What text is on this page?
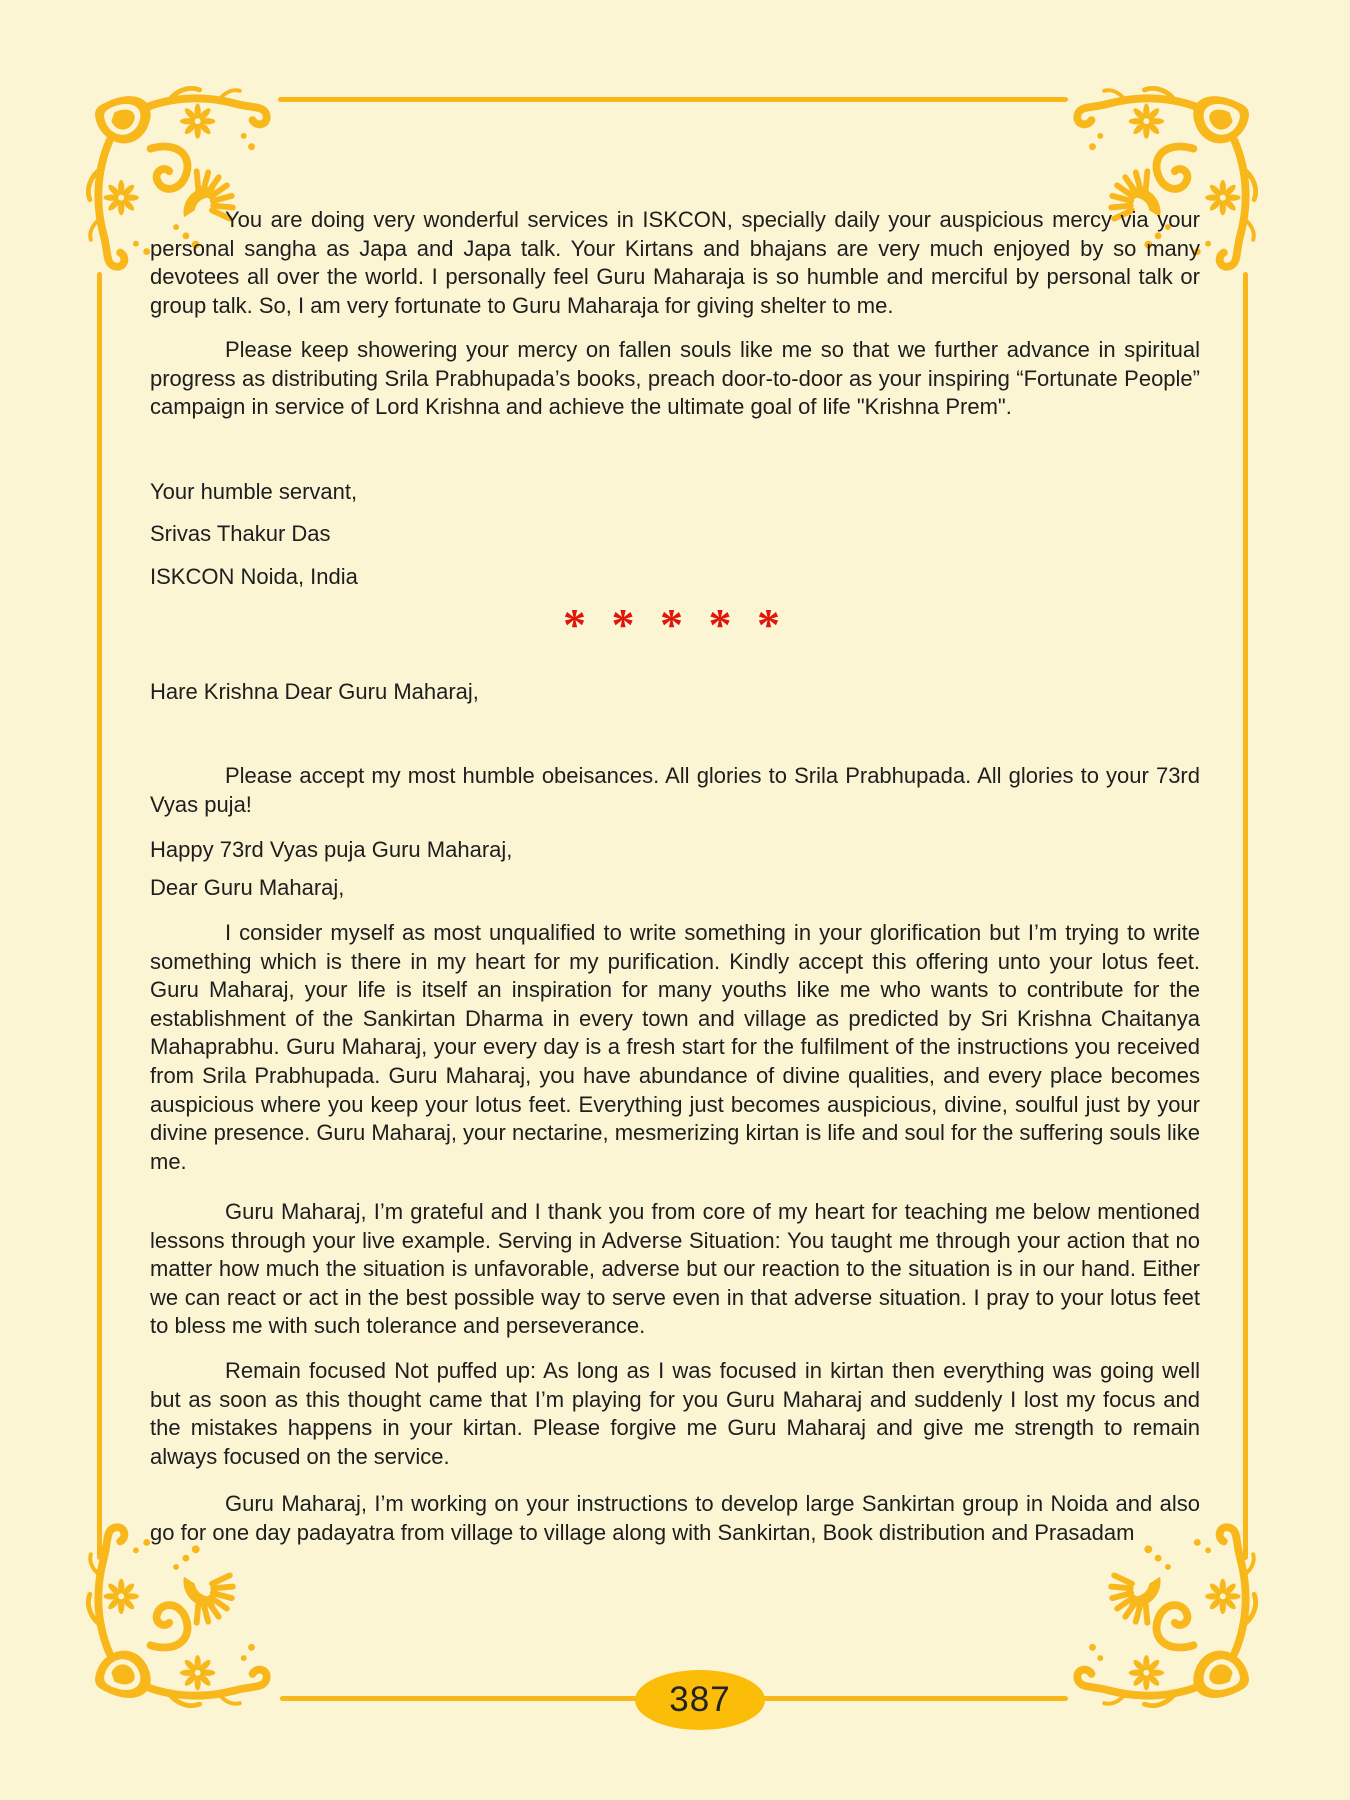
You are doing very wonderful services in ISKCON, specially daily your auspicious mercy via your personal sangha as Japa and Japa talk. Your Kirtans and bhajans are very much enjoyed by so many devotees all over the world. I personally feel Guru Maharaja is so humble and merciful by personal talk or group talk. So, I am very fortunate to Guru Maharaja for giving shelter to me.

Please keep showering your mercy on fallen souls like me so that we further advance in spiritual progress as distributing Srila Prabhupada’s books, preach door-to-door as your inspiring “Fortunate People” campaign in service of Lord Krishna and achieve the ultimate goal of life "Krishna Prem".

Your humble servant,

Srivas Thakur Das

ISKCON Noida, India

* * * * *

Hare Krishna Dear Guru Maharaj,

Please accept my most humble obeisances. All glories to Srila Prabhupada. All glories to your 73rd Vyas puja!

Happy 73rd Vyas puja Guru Maharaj,

Dear Guru Maharaj,

I consider myself as most unqualified to write something in your glorification but I’m trying to write something which is there in my heart for my purification. Kindly accept this offering unto your lotus feet. Guru Maharaj, your life is itself an inspiration for many youths like me who wants to contribute for the establishment of the Sankirtan Dharma in every town and village as predicted by Sri Krishna Chaitanya Mahaprabhu. Guru Maharaj, your every day is a fresh start for the fulfilment of the instructions you received from Srila Prabhupada. Guru Maharaj, you have abundance of divine qualities, and every place becomes auspicious where you keep your lotus feet. Everything just becomes auspicious, divine, soulful just by your divine presence. Guru Maharaj, your nectarine, mesmerizing kirtan is life and soul for the suffering souls like me.

Guru Maharaj, I’m grateful and I thank you from core of my heart for teaching me below mentioned lessons through your live example. Serving in Adverse Situation: You taught me through your action that no matter how much the situation is unfavorable, adverse but our reaction to the situation is in our hand. Either we can react or act in the best possible way to serve even in that adverse situation. I pray to your lotus feet to bless me with such tolerance and perseverance.

Remain focused Not puffed up: As long as I was focused in kirtan then everything was going well but as soon as this thought came that I’m playing for you Guru Maharaj and suddenly I lost my focus and the mistakes happens in your kirtan. Please forgive me Guru Maharaj and give me strength to remain always focused on the service.

Guru Maharaj, I’m working on your instructions to develop large Sankirtan group in Noida and also go for one day padayatra from village to village along with Sankirtan, Book distribution and Prasadam

387
